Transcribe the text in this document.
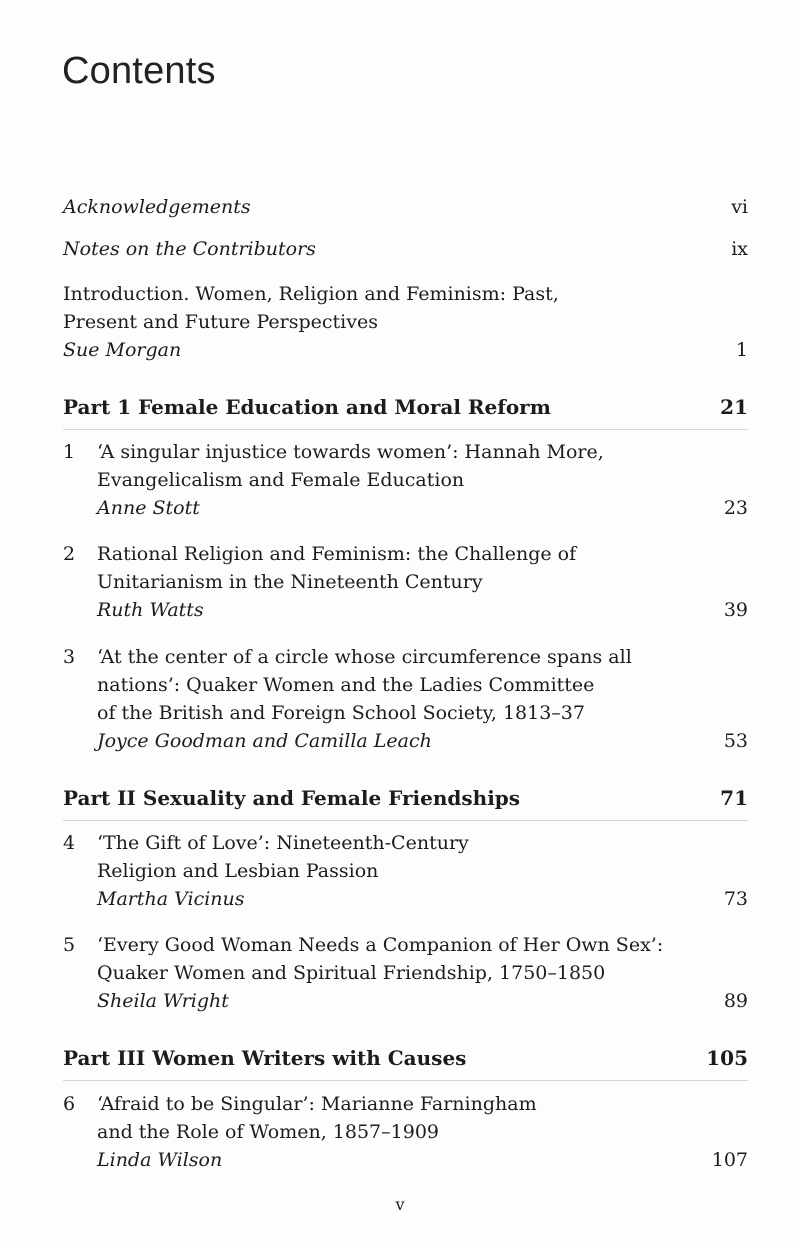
Contents
Acknowledgements	vi
Notes on the Contributors	ix
Introduction. Women, Religion and Feminism: Past,
Present and Future Perspectives
Sue Morgan	1
Part 1 Female Education and Moral Reform	21
1	‘A singular injustice towards women’: Hannah More,
Evangelicalism and Female Education
Anne Stott	23
2	Rational Religion and Feminism: the Challenge of
Unitarianism in the Nineteenth Century
Ruth Watts	39
3	‘At the center of a circle whose circumference spans all
nations’: Quaker Women and the Ladies Committee
of the British and Foreign School Society, 1813–37
Joyce Goodman and Camilla Leach	53
Part II Sexuality and Female Friendships	71
4	‘The Gift of Love’: Nineteenth-Century
Religion and Lesbian Passion
Martha Vicinus	73
5	‘Every Good Woman Needs a Companion of Her Own Sex’:
Quaker Women and Spiritual Friendship, 1750–1850
Sheila Wright	89
Part III Women Writers with Causes	105
6	‘Afraid to be Singular’: Marianne Farningham
and the Role of Women, 1857–1909
Linda Wilson	107
v
